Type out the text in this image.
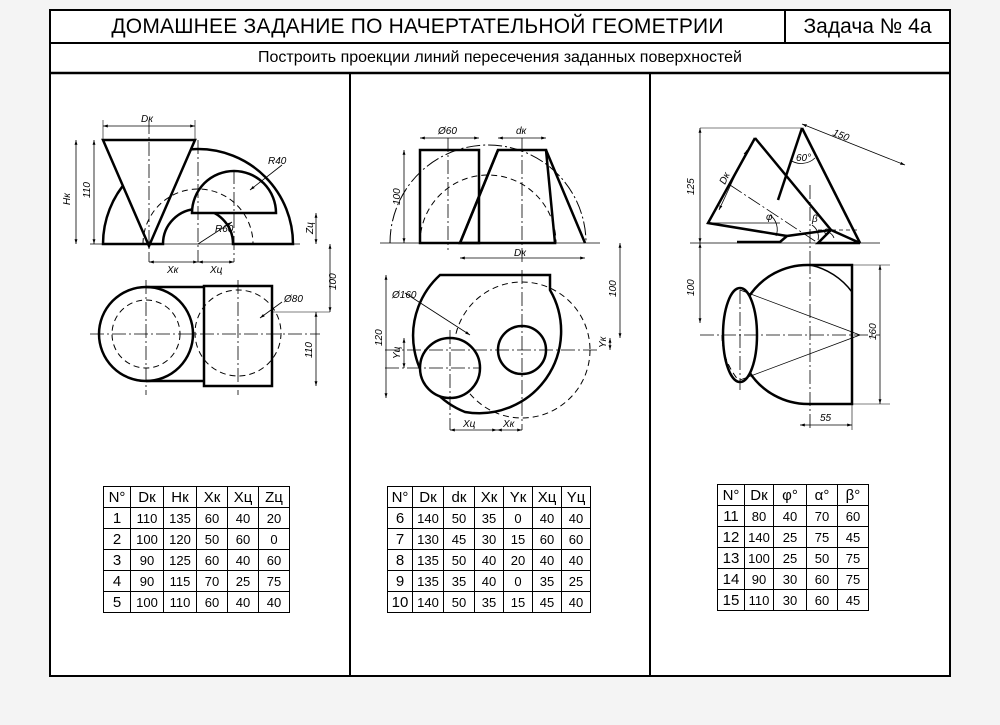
ДОМАШНЕЕ ЗАДАНИЕ ПО НАЧЕРТАТЕЛЬНОЙ ГЕОМЕТРИИ	Задача № 4а
Построить проекции линий пересечения заданных поверхностей
Dк
R40
R60
Hк
110
Zц
Xк	Xц
Ø80
100
110
Ø60	dк
100
Dк
Ø160
120
Yц
Yк
Xц	Xк
100
150
60°
125 Dк
φ	β
α
100
160
55
N°	Dк	Hк	Xк	Xц	Zц
1	110	135	60	40	20
2	100	120	50	60	0
3	90	125	60	40	60
4	90	115	70	25	75
5	100	110	60	40	40
N°	Dк	dк	Xк	Yк	Xц	Yц
6	140	50	35	0	40	40
7	130	45	30	15	60	60
8	135	50	40	20	40	40
9	135	35	40	0	35	25
10	140	50	35	15	45	40
N°	Dк	φ°	α°	β°
11	80	40	70	60
12	140	25	75	45
13	100	25	50	75
14	90	30	60	75
15	110	30	60	45
